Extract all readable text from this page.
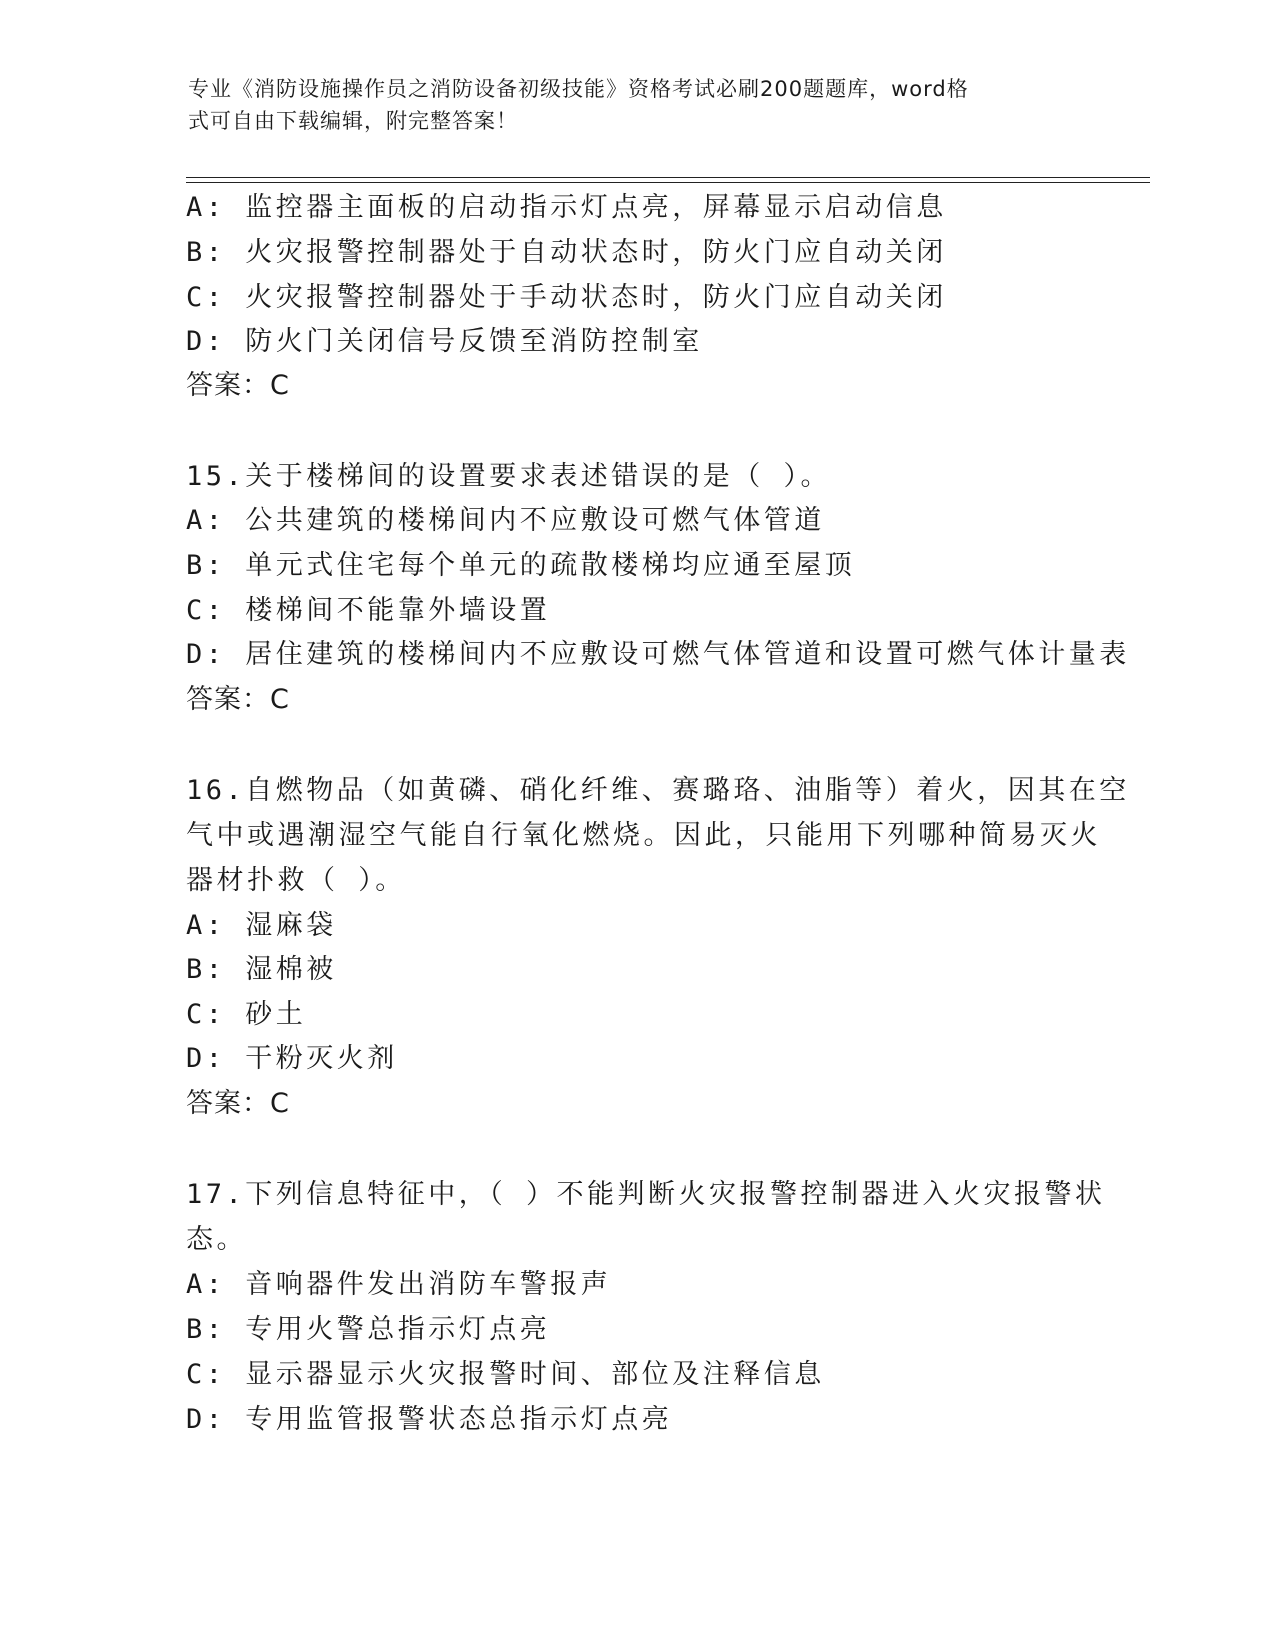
专业《消防设施操作员之消防设备初级技能》资格考试必刷200题题库，word格
式可自由下载编辑，附完整答案！
A: 监控器主面板的启动指示灯点亮，屏幕显示启动信息
B: 火灾报警控制器处于自动状态时，防火门应自动关闭
C: 火灾报警控制器处于手动状态时，防火门应自动关闭
D: 防火门关闭信号反馈至消防控制室
答案：C
15.关于楼梯间的设置要求表述错误的是（ ）。
A: 公共建筑的楼梯间内不应敷设可燃气体管道
B: 单元式住宅每个单元的疏散楼梯均应通至屋顶
C: 楼梯间不能靠外墙设置
D: 居住建筑的楼梯间内不应敷设可燃气体管道和设置可燃气体计量表
答案：C
16.自燃物品（如黄磷、硝化纤维、赛璐珞、油脂等）着火，因其在空
气中或遇潮湿空气能自行氧化燃烧。因此，只能用下列哪种简易灭火
器材扑救（ ）。
A: 湿麻袋
B: 湿棉被
C: 砂土
D: 干粉灭火剂
答案：C
17.下列信息特征中，（ ）不能判断火灾报警控制器进入火灾报警状
态。
A: 音响器件发出消防车警报声
B: 专用火警总指示灯点亮
C: 显示器显示火灾报警时间、部位及注释信息
D: 专用监管报警状态总指示灯点亮
